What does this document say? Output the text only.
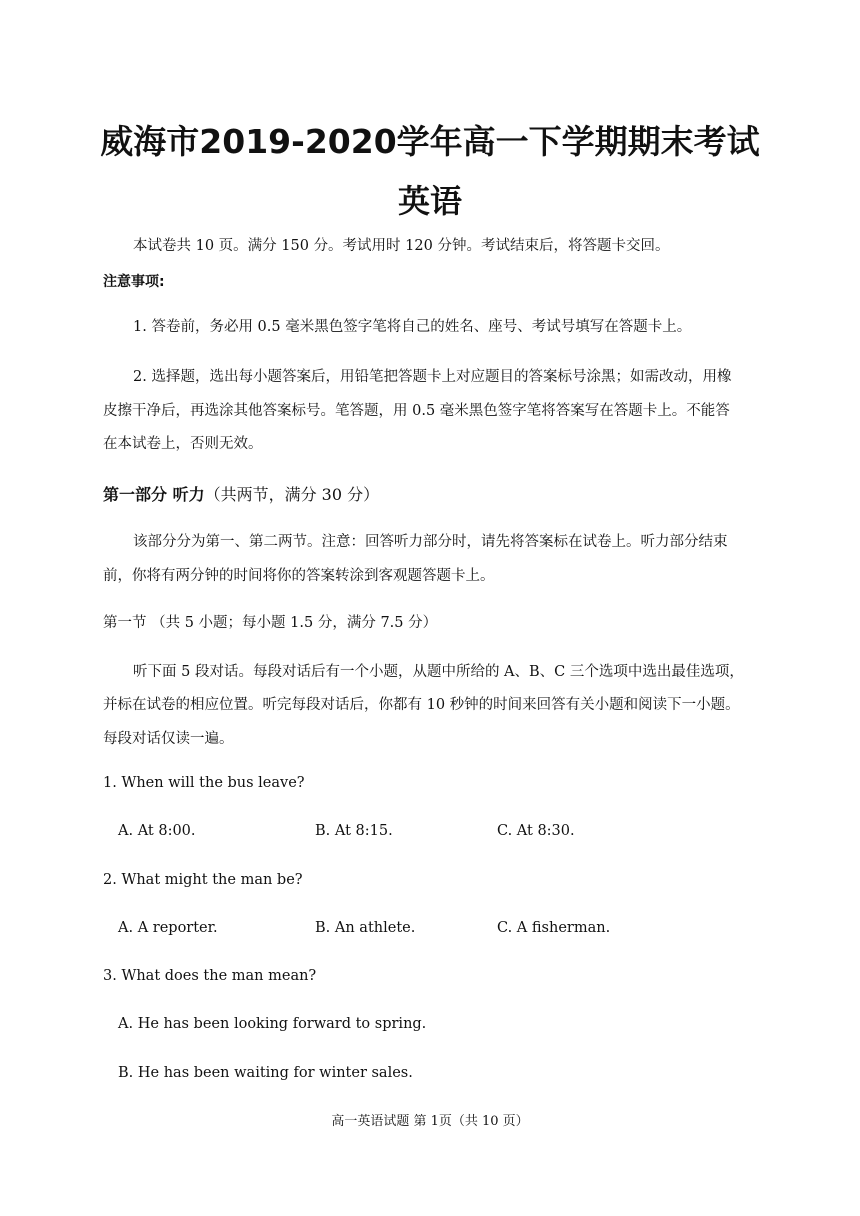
威海市2019-2020学年高一下学期期末考试
英语
本试卷共 10 页。满分 150 分。考试用时 120 分钟。考试结束后，将答题卡交回。
注意事项:
1. 答卷前，务必用 0.5 毫米黑色签字笔将自己的姓名、座号、考试号填写在答题卡上。
2. 选择题，选出每小题答案后，用铅笔把答题卡上对应题目的答案标号涂黑；如需改动，用橡
皮擦干净后，再选涂其他答案标号。笔答题，用 0.5 毫米黑色签字笔将答案写在答题卡上。不能答
在本试卷上，否则无效。
第一部分 听力（共两节，满分 30 分）
该部分分为第一、第二两节。注意：回答听力部分时，请先将答案标在试卷上。听力部分结束
前，你将有两分钟的时间将你的答案转涂到客观题答题卡上。
第一节 （共 5 小题；每小题 1.5 分，满分 7.5 分）
听下面 5 段对话。每段对话后有一个小题，从题中所给的 A、B、C 三个选项中选出最佳选项，
并标在试卷的相应位置。听完每段对话后，你都有 10 秒钟的时间来回答有关小题和阅读下一小题。
每段对话仅读一遍。
1. When will the bus leave?
A. At 8:00.	B. At 8:15.	C. At 8:30.
2. What might the man be?
A. A reporter.	B. An athlete.	C. A fisherman.
3. What does the man mean?
A. He has been looking forward to spring.
B. He has been waiting for winter sales.
高一英语试题 第 1页（共 10 页）
